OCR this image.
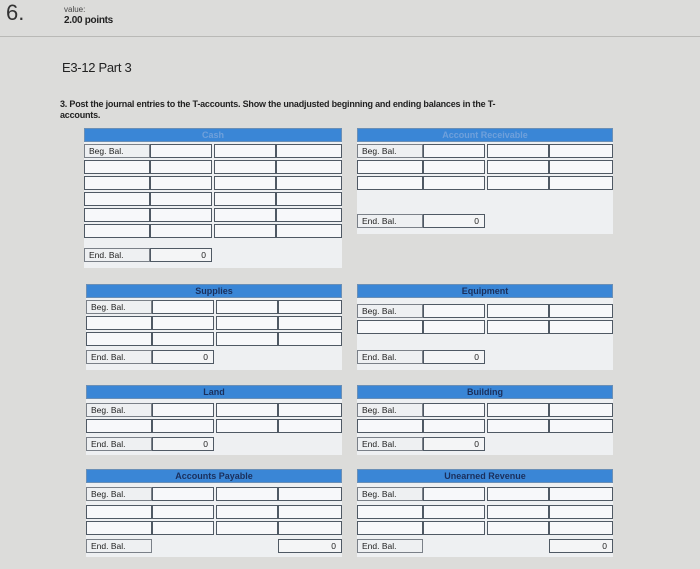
6.	value:
2.00 points
E3-12 Part 3
3. Post the journal entries to the T-accounts. Show the unadjusted beginning and ending balances in the T-accounts.
Cash
Beg. Bal.
End. Bal.	0
Account Receivable
Beg. Bal.
End. Bal.	0
Supplies
Beg. Bal.
End. Bal.	0
Equipment
Beg. Bal.
End. Bal.	0
Land
Beg. Bal.
End. Bal.	0
Building
Beg. Bal.
End. Bal.	0
Accounts Payable
Beg. Bal.
End. Bal.	0
Unearned Revenue
Beg. Bal.
End. Bal.	0
